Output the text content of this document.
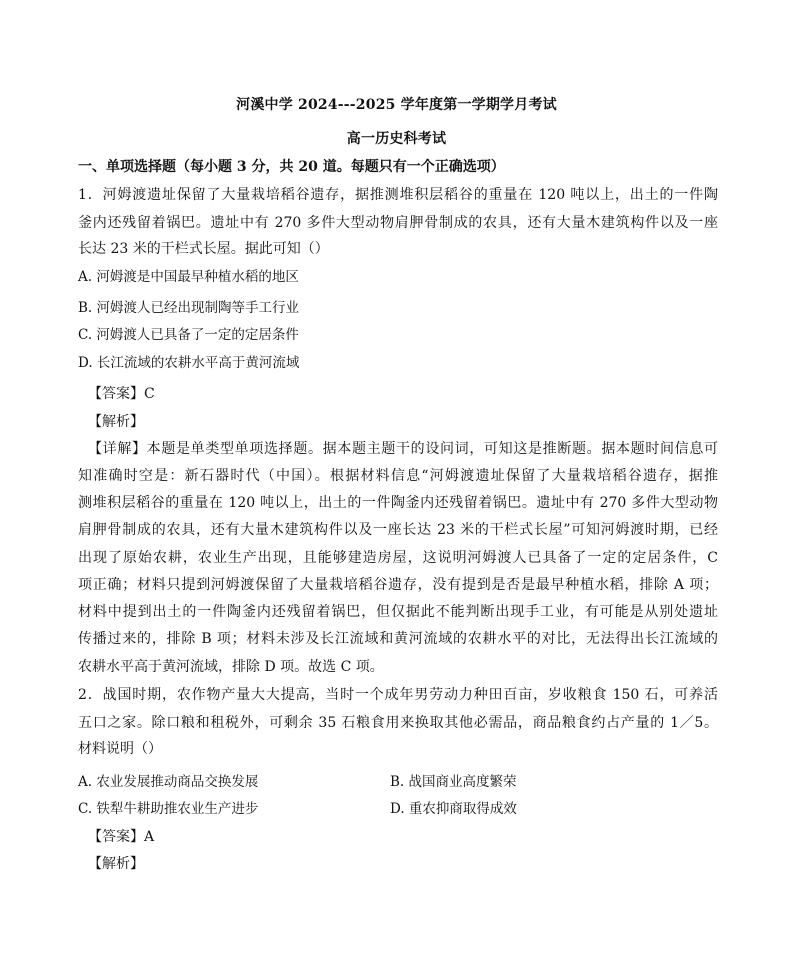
河溪中学 2024---2025 学年度第一学期学月考试
高一历史科考试
一、单项选择题（每小题 3 分，共 20 道。每题只有一个正确选项）
1．河姆渡遗址保留了大量栽培稻谷遗存，据推测堆积层稻谷的重量在 120 吨以上，出土的一件陶
釜内还残留着锅巴。遗址中有 270 多件大型动物肩胛骨制成的农具，还有大量木建筑构件以及一座
长达 23 米的干栏式长屋。据此可知（）
A. 河姆渡是中国最早种植水稻的地区
B. 河姆渡人已经出现制陶等手工行业
C. 河姆渡人已具备了一定的定居条件
D. 长江流域的农耕水平高于黄河流域
【答案】C
【解析】
【详解】本题是单类型单项选择题。据本题主题干的设问词，可知这是推断题。据本题时间信息可
知准确时空是：新石器时代（中国）。根据材料信息“河姆渡遗址保留了大量栽培稻谷遗存，据推
测堆积层稻谷的重量在 120 吨以上，出土的一件陶釜内还残留着锅巴。遗址中有 270 多件大型动物
肩胛骨制成的农具，还有大量木建筑构件以及一座长达 23 米的干栏式长屋”可知河姆渡时期，已经
出现了原始农耕，农业生产出现，且能够建造房屋，这说明河姆渡人已具备了一定的定居条件，C
项正确；材料只提到河姆渡保留了大量栽培稻谷遗存，没有提到是否是最早种植水稻，排除 A 项；
材料中提到出土的一件陶釜内还残留着锅巴，但仅据此不能判断出现手工业，有可能是从别处遗址
传播过来的，排除 B 项；材料未涉及长江流域和黄河流域的农耕水平的对比，无法得出长江流域的
农耕水平高于黄河流域，排除 D 项。故选 C 项。
2．战国时期，农作物产量大大提高，当时一个成年男劳动力种田百亩，岁收粮食 150 石，可养活
五口之家。除口粮和租税外，可剩余 35 石粮食用来换取其他必需品，商品粮食约占产量的 1／5。
材料说明（）
A. 农业发展推动商品交换发展	B. 战国商业高度繁荣
C. 铁犁牛耕助推农业生产进步	D. 重农抑商取得成效
【答案】A
【解析】
